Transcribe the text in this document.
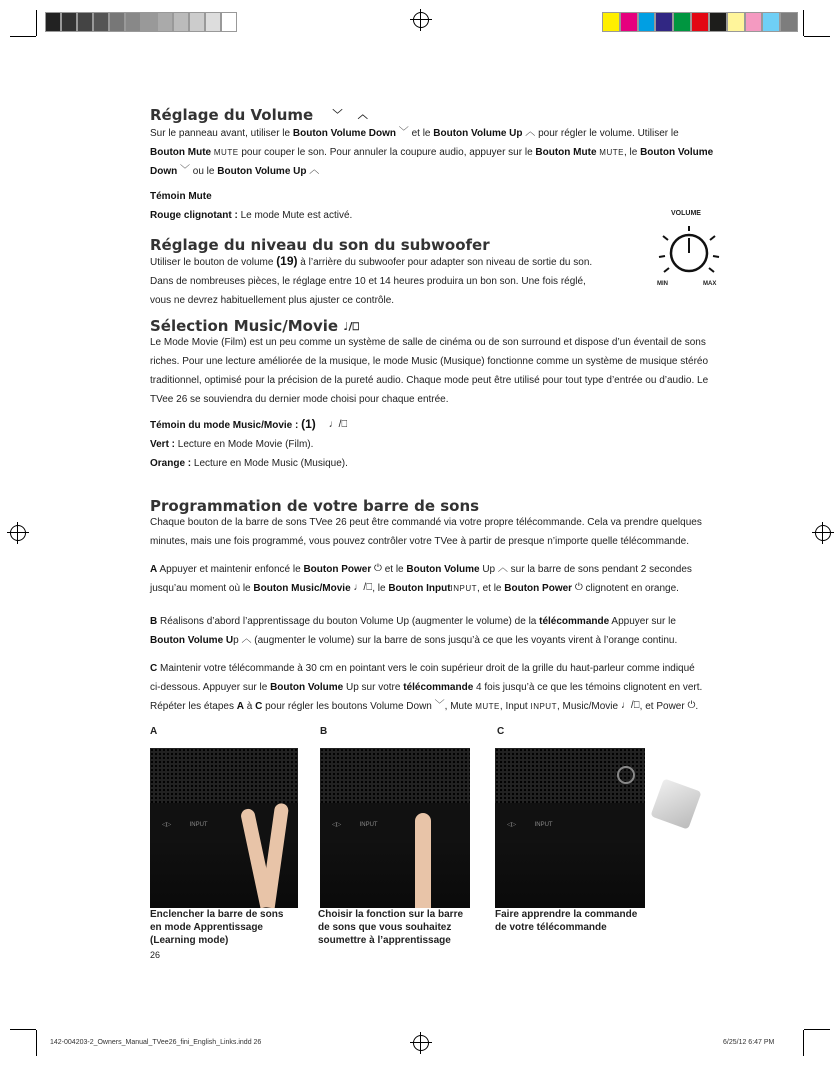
Réglage du Volume ﹀ ︿
Sur le panneau avant, utiliser le Bouton Volume Down ﹀ et le Bouton Volume Up ︿ pour régler le volume. Utiliser le
Bouton Mute MUTE pour couper le son. Pour annuler la coupure audio, appuyer sur le Bouton Mute MUTE, le Bouton Volume
Down ﹀ ou le Bouton Volume Up ︿
Témoin Mute
Rouge clignotant : Le mode Mute est activé.
Réglage du niveau du son du subwoofer
Utiliser le bouton de volume (19) à l’arrière du subwoofer pour adapter son niveau de sortie du son.
Dans de nombreuses pièces, le réglage entre 10 et 14 heures produira un bon son. Une fois réglé,
vous ne devrez habituellement plus ajuster ce contrôle.
VOLUME
MIN	MAX
Sélection Music/Movie ♩/⎕
Le Mode Movie (Film) est un peu comme un système de salle de cinéma ou de son surround et dispose d’un éventail de sons
riches. Pour une lecture améliorée de la musique, le mode Music (Musique) fonctionne comme un système de musique stéréo
traditionnel, optimisé pour la précision de la pureté audio. Chaque mode peut être utilisé pour tout type d’entrée ou d’audio. Le
TVee 26 se souviendra du dernier mode choisi pour chaque entrée.
Témoin du mode Music/Movie : (1) ♩/⎕
Vert : Lecture en Mode Movie (Film).
Orange : Lecture en Mode Music (Musique).
Programmation de votre barre de sons
Chaque bouton de la barre de sons TVee 26 peut être commandé via votre propre télécommande. Cela va prendre quelques
minutes, mais une fois programmé, vous pouvez contrôler votre TVee à partir de presque n’importe quelle télécommande.
A Appuyer et maintenir enfoncé le Bouton Power ⏻ et le Bouton Volume Up ︿ sur la barre de sons pendant 2 secondes
jusqu’au moment où le Bouton Music/Movie ♩/⎕, le Bouton InputINPUT, et le Bouton Power ⏻ clignotent en orange.
B Réalisons d’abord l’apprentissage du bouton Volume Up (augmenter le volume) de la télécommande Appuyer sur le
Bouton Volume Up ︿ (augmenter le volume) sur la barre de sons jusqu’à ce que les voyants virent à l’orange continu.
C Maintenir votre télécommande à 30 cm en pointant vers le coin supérieur droit de la grille du haut-parleur comme indiqué
ci-dessous. Appuyer sur le Bouton Volume Up sur votre télécommande 4 fois jusqu’à ce que les témoins clignotent en vert.
Répéter les étapes A à C pour régler les boutons Volume Down ﹀, Mute MUTE, Input INPUT, Music/Movie ♩/⎕, et Power ⏻.
A	B	C
◁▷           INPUT	◁▷           INPUT	◁▷           INPUT
Enclencher la barre de sons
en mode Apprentissage
(Learning mode)
Choisir la fonction sur la barre
de sons que vous souhaitez
soumettre à l’apprentissage
Faire apprendre la commande
de votre télécommande
26
142-004203-2_Owners_Manual_TVee26_fini_English_Links.indd 26	6/25/12 6:47 PM
